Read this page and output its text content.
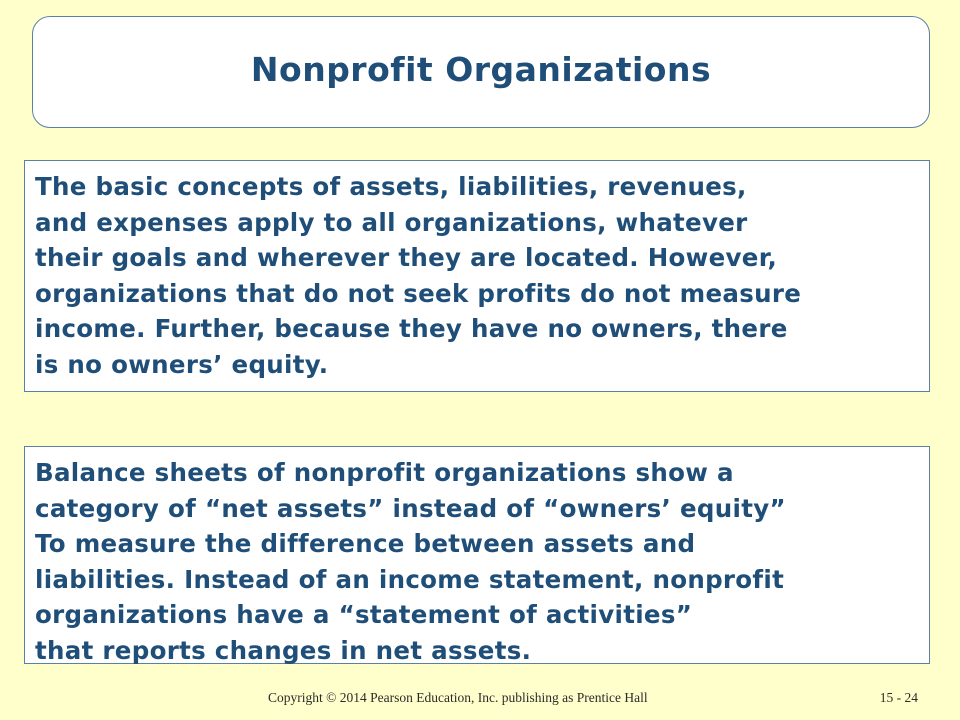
Nonprofit Organizations

The basic concepts of assets, liabilities, revenues,
and expenses apply to all organizations, whatever
their goals and wherever they are located. However,
organizations that do not seek profits do not measure
income. Further, because they have no owners, there
is no owners’ equity.

Balance sheets of nonprofit organizations show a
category of “net assets” instead of “owners’ equity”
To measure the difference between assets and
liabilities. Instead of an income statement, nonprofit
organizations have a “statement of activities”
that reports changes in net assets.

Copyright © 2014 Pearson Education, Inc. publishing as Prentice Hall	15 - 24
